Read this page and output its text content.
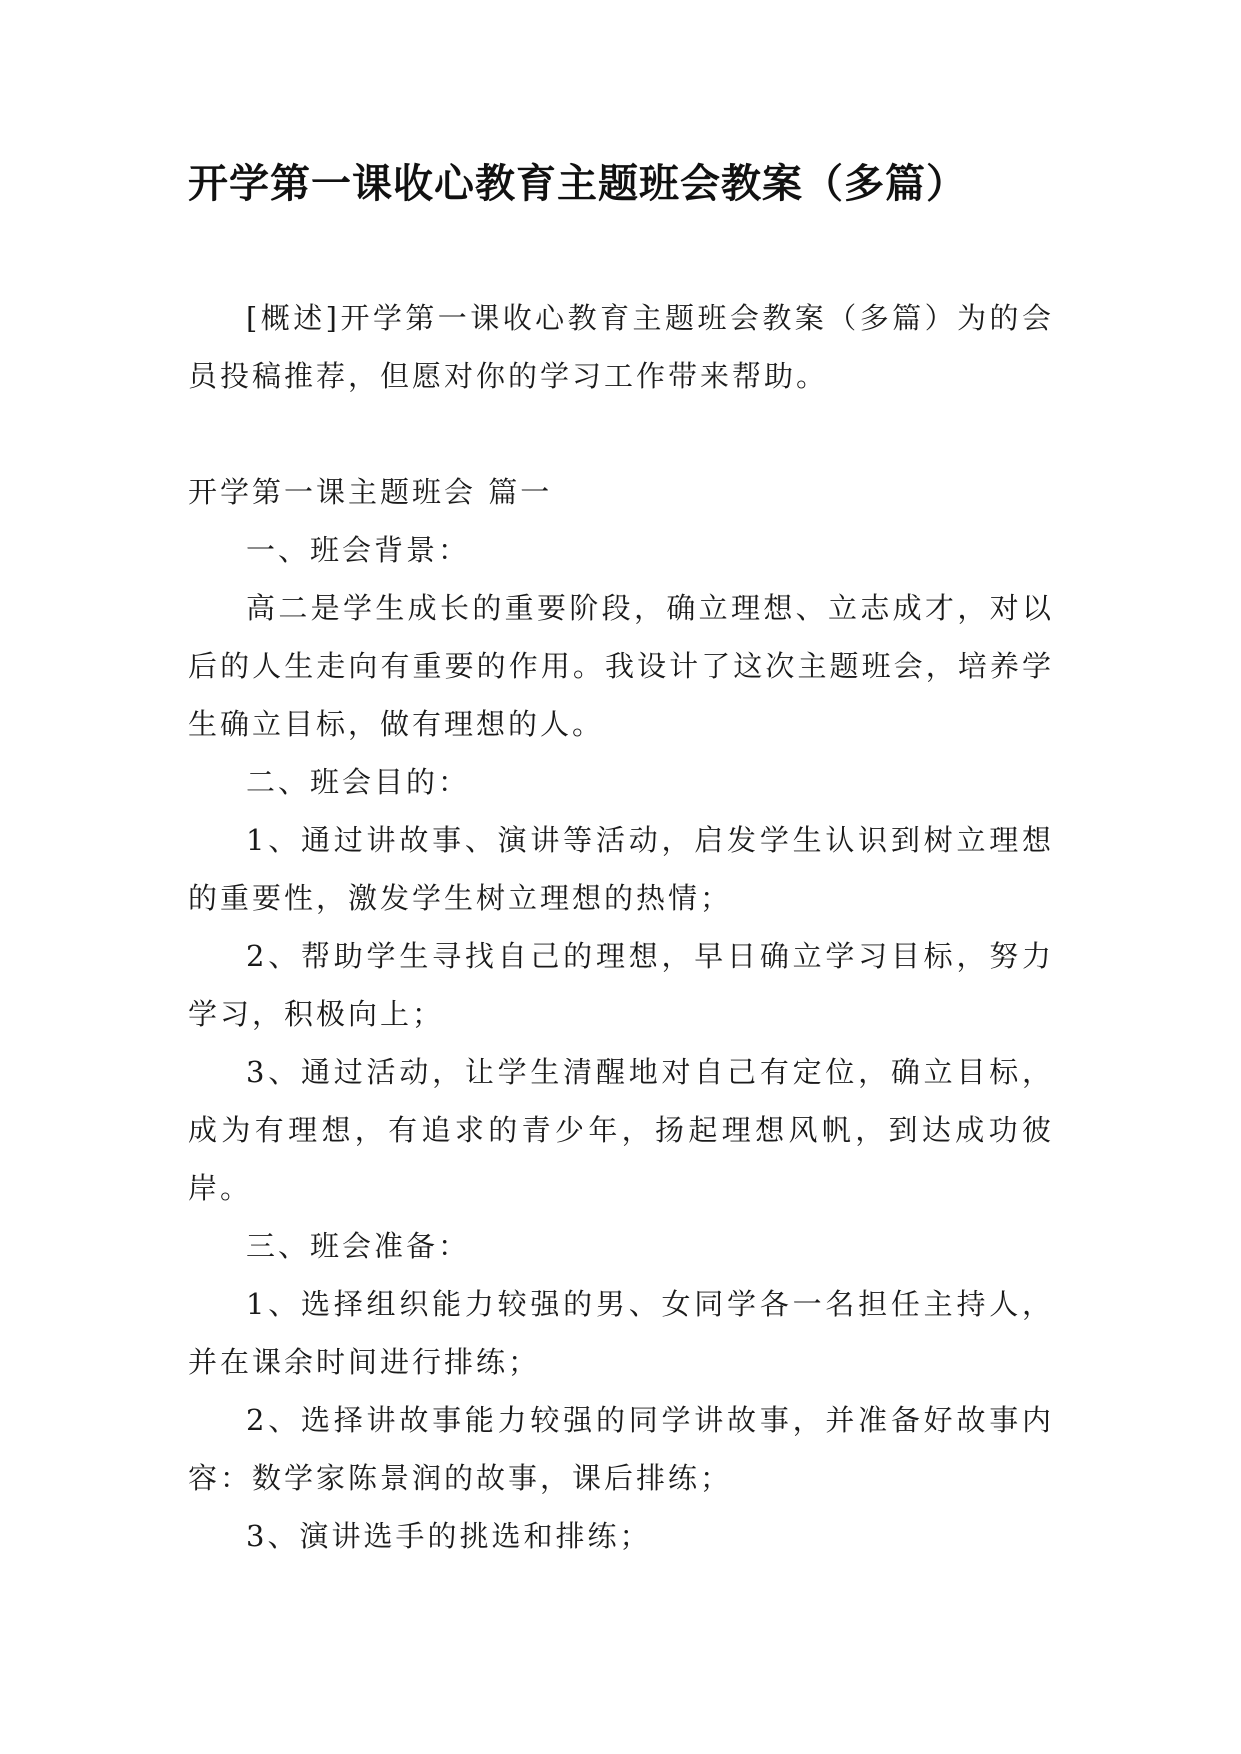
开学第一课收心教育主题班会教案（多篇）

[概述]开学第一课收心教育主题班会教案（多篇）为的会员投稿推荐，但愿对你的学习工作带来帮助。

开学第一课主题班会 篇一

一、班会背景：

高二是学生成长的重要阶段，确立理想、立志成才，对以后的人生走向有重要的作用。我设计了这次主题班会，培养学生确立目标，做有理想的人。

二、班会目的：

1、通过讲故事、演讲等活动，启发学生认识到树立理想的重要性，激发学生树立理想的热情；

2、帮助学生寻找自己的理想，早日确立学习目标，努力学习，积极向上；

3、通过活动，让学生清醒地对自己有定位，确立目标，成为有理想，有追求的青少年，扬起理想风帆，到达成功彼岸。

三、班会准备：

1、选择组织能力较强的男、女同学各一名担任主持人，并在课余时间进行排练；

2、选择讲故事能力较强的同学讲故事，并准备好故事内容：数学家陈景润的故事，课后排练；

3、演讲选手的挑选和排练；
